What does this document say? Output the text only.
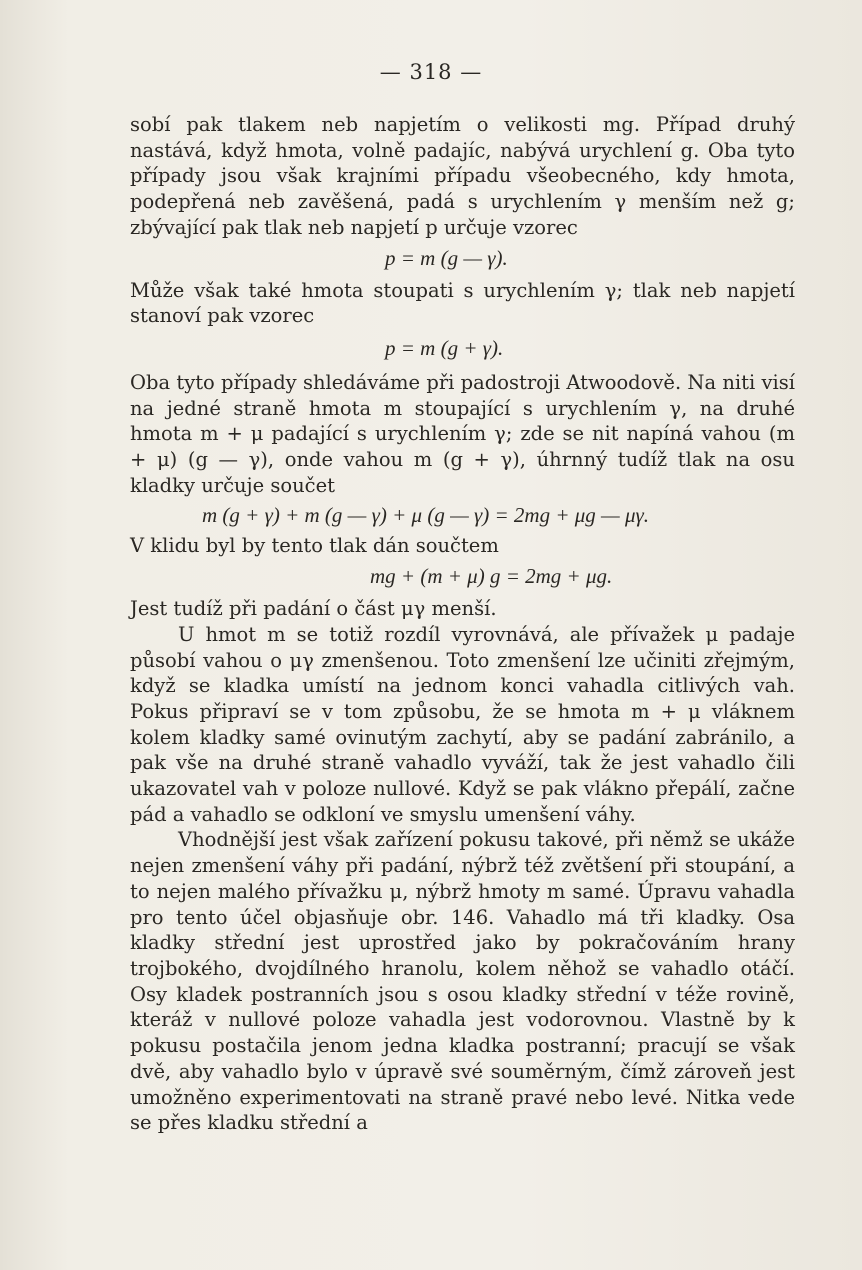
— 318 —

sobí pak tlakem neb napjetím o velikosti mg. Případ druhý nastává, když hmota, volně padajíc, nabývá urychlení g. Oba tyto případy jsou však krajními případu všeobecného, kdy hmota, podepřená neb zavěšená, padá s urychlením γ menším než g; zbývající pak tlak neb napjetí p určuje vzorec

p = m (g — γ).

Může však také hmota stoupati s urychlením γ; tlak neb napjetí stanoví pak vzorec

p = m (g + γ).

Oba tyto případy shledáváme při padostroji Atwoodově. Na niti visí na jedné straně hmota m stoupající s urychlením γ, na druhé hmota m + μ padající s urychlením γ; zde se nit napíná vahou (m + μ) (g — γ), onde vahou m (g + γ), úhrnný tudíž tlak na osu kladky určuje součet

m (g + γ) + m (g — γ) + μ (g — γ) = 2mg + μg — μγ.

V klidu byl by tento tlak dán součtem

mg + (m + μ) g = 2mg + μg.

Jest tudíž při padání o část μγ menší.

U hmot m se totiž rozdíl vyrovnává, ale přívažek μ padaje působí vahou o μγ zmenšenou. Toto zmenšení lze učiniti zřejmým, když se kladka umístí na jednom konci vahadla citlivých vah. Pokus připraví se v tom způsobu, že se hmota m + μ vláknem kolem kladky samé ovinutým zachytí, aby se padání zabránilo, a pak vše na druhé straně vahadlo vyváží, tak že jest vahadlo čili ukazovatel vah v poloze nullové. Když se pak vlákno přepálí, začne pád a vahadlo se odkloní ve smyslu umenšení váhy.

Vhodnější jest však zařízení pokusu takové, při němž se ukáže nejen zmenšení váhy při padání, nýbrž též zvětšení při stoupání, a to nejen malého přívažku μ, nýbrž hmoty m samé. Úpravu vahadla pro tento účel objasňuje obr. 146. Vahadlo má tři kladky. Osa kladky střední jest uprostřed jako by pokračováním hrany trojbokého, dvojdílného hranolu, kolem něhož se vahadlo otáčí. Osy kladek postranních jsou s osou kladky střední v téže rovině, kteráž v nullové poloze vahadla jest vodorovnou. Vlastně by k pokusu postačila jenom jedna kladka postranní; pracují se však dvě, aby vahadlo bylo v úpravě své souměrným, čímž zároveň jest umožněno experimentovati na straně pravé nebo levé. Nitka vede se přes kladku střední a
